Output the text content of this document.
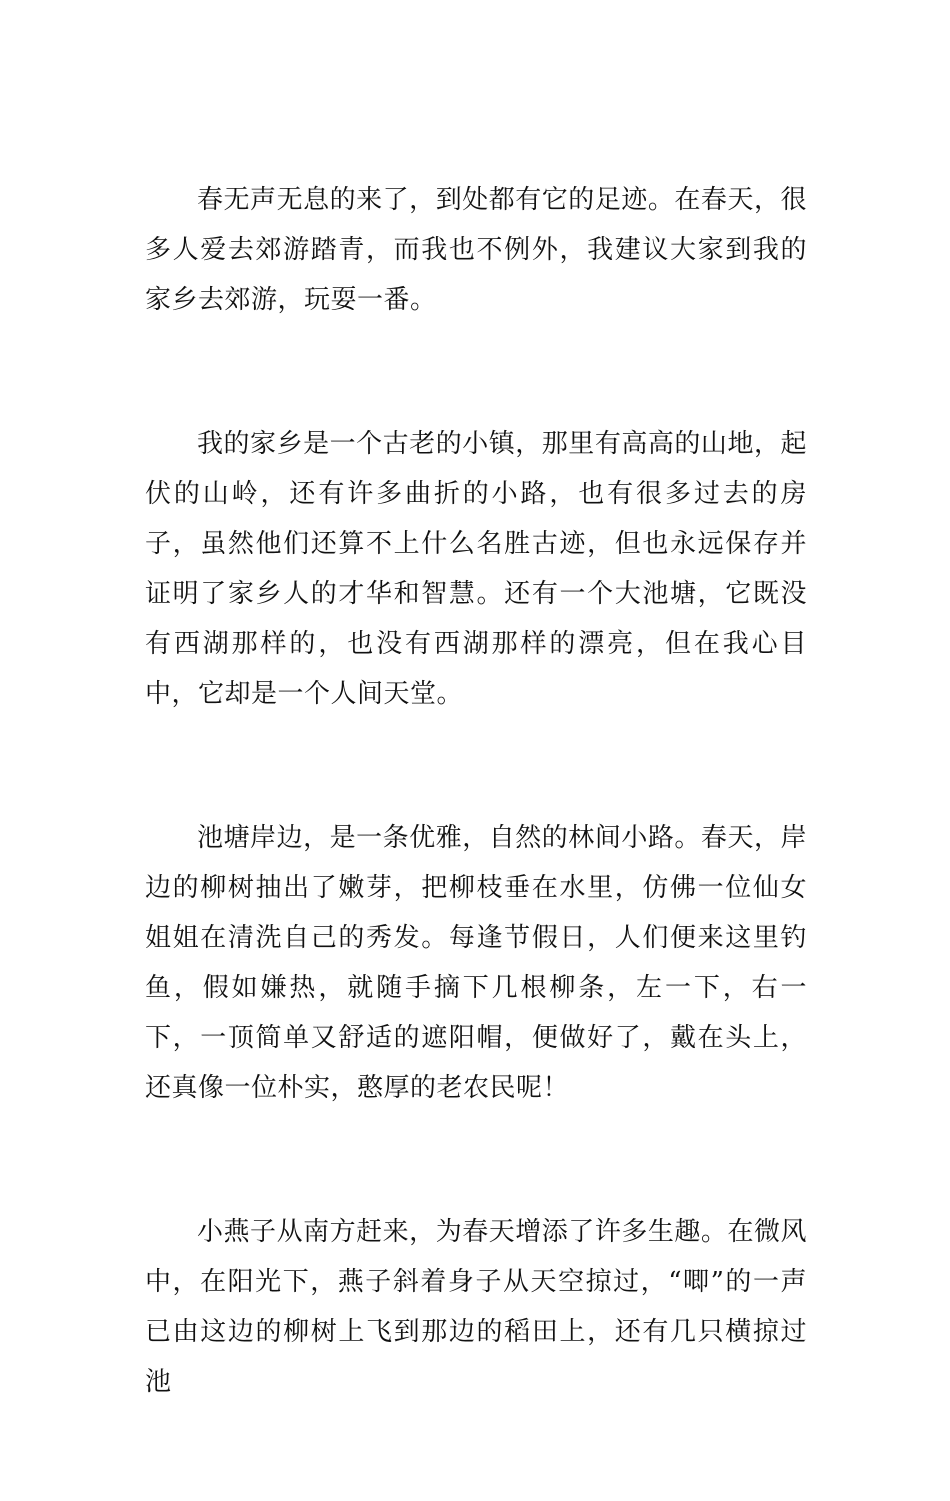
春无声无息的来了，到处都有它的足迹。在春天，很多人爱去郊游踏青，而我也不例外，我建议大家到我的家乡去郊游，玩耍一番。

我的家乡是一个古老的小镇，那里有高高的山地，起伏的山岭，还有许多曲折的小路，也有很多过去的房子，虽然他们还算不上什么名胜古迹，但也永远保存并证明了家乡人的才华和智慧。还有一个大池塘，它既没有西湖那样的，也没有西湖那样的漂亮，但在我心目中，它却是一个人间天堂。

池塘岸边，是一条优雅，自然的林间小路。春天，岸边的柳树抽出了嫩芽，把柳枝垂在水里，仿佛一位仙女姐姐在清洗自己的秀发。每逢节假日，人们便来这里钓鱼，假如嫌热，就随手摘下几根柳条，左一下，右一下，一顶简单又舒适的遮阳帽，便做好了，戴在头上，还真像一位朴实，憨厚的老农民呢！

小燕子从南方赶来，为春天增添了许多生趣。在微风中，在阳光下，燕子斜着身子从天空掠过，“唧”的一声已由这边的柳树上飞到那边的稻田上，还有几只横掠过池
